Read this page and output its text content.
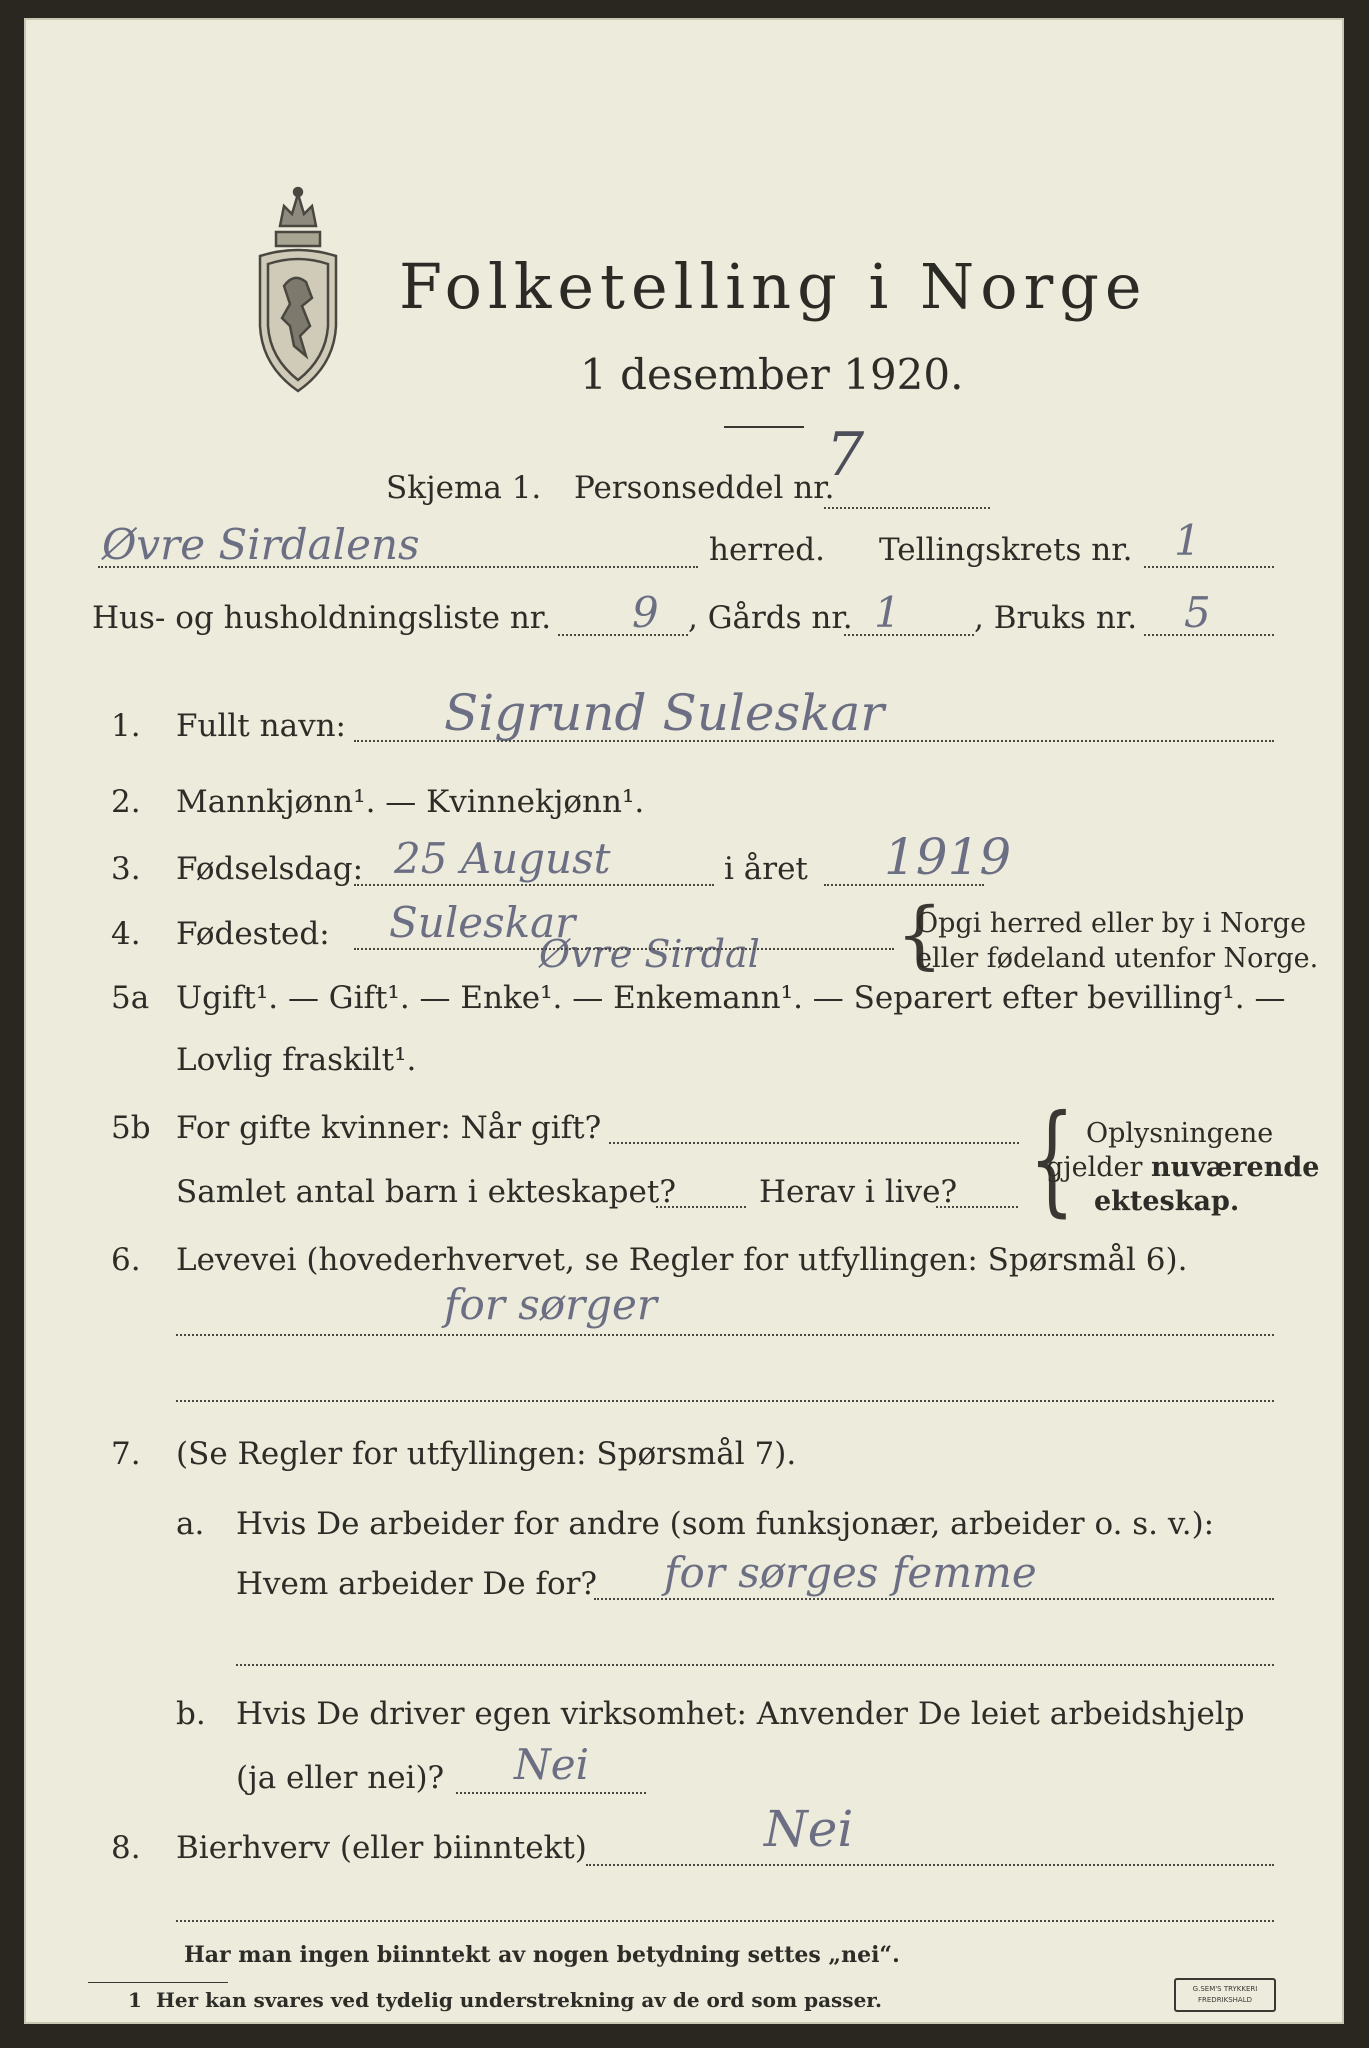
Folketelling i Norge
1 desember 1920.
Skjema 1. Personseddel nr.
7
Øvre Sirdalens	herred. Tellingskrets nr. 1
Hus- og husholdningsliste nr. 9 , Gårds nr. 1 , Bruks nr. 5
1. Fullt navn: Sigrund Suleskar
2. Mannkjønn¹. — Kvinnekjønn¹.
3. Fødselsdag: 25 August	i året 1919
4. Fødested: Suleskar
Øvre Sirdal {
Opgi herred eller by i Norge
eller fødeland utenfor Norge.
5a Ugift¹. — Gift¹. — Enke¹. — Enkemann¹. — Separert efter bevilling¹. —
Lovlig fraskilt¹.
5b For gifte kvinner: Når gift?
Samlet antal barn i ekteskapet?	Herav i live? { Oplysningene
gjelder nuværende
ekteskap.
6. Levevei (hovederhvervet, se Regler for utfyllingen: Spørsmål 6).
for sørger
7. (Se Regler for utfyllingen: Spørsmål 7).
a. Hvis De arbeider for andre (som funksjonær, arbeider o. s. v.):
Hvem arbeider De for? for sørges femme
b. Hvis De driver egen virksomhet: Anvender De leiet arbeidshjelp
(ja eller nei)? Nei
8. Bierhverv (eller biinntekt)	Nei
Har man ingen biinntekt av nogen betydning settes „nei“.
1 Her kan svares ved tydelig understrekning av de ord som passer.	G.SEM'S TRYKKERI
FREDRIKSHALD
